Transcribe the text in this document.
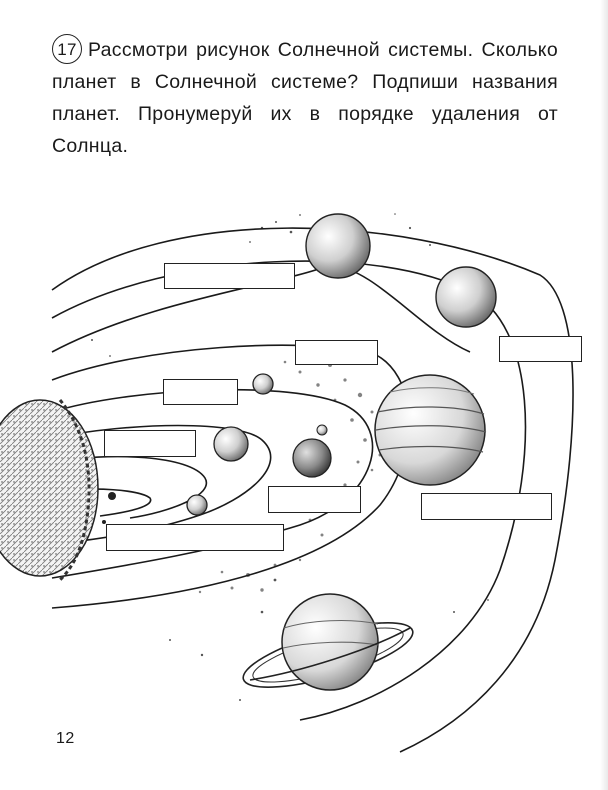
17 Рассмотри рисунок Солнечной системы. Сколько планет в Солнечной системе? Подпиши названия планет. Пронумеруй их в порядке удаления от Солнца.
12
